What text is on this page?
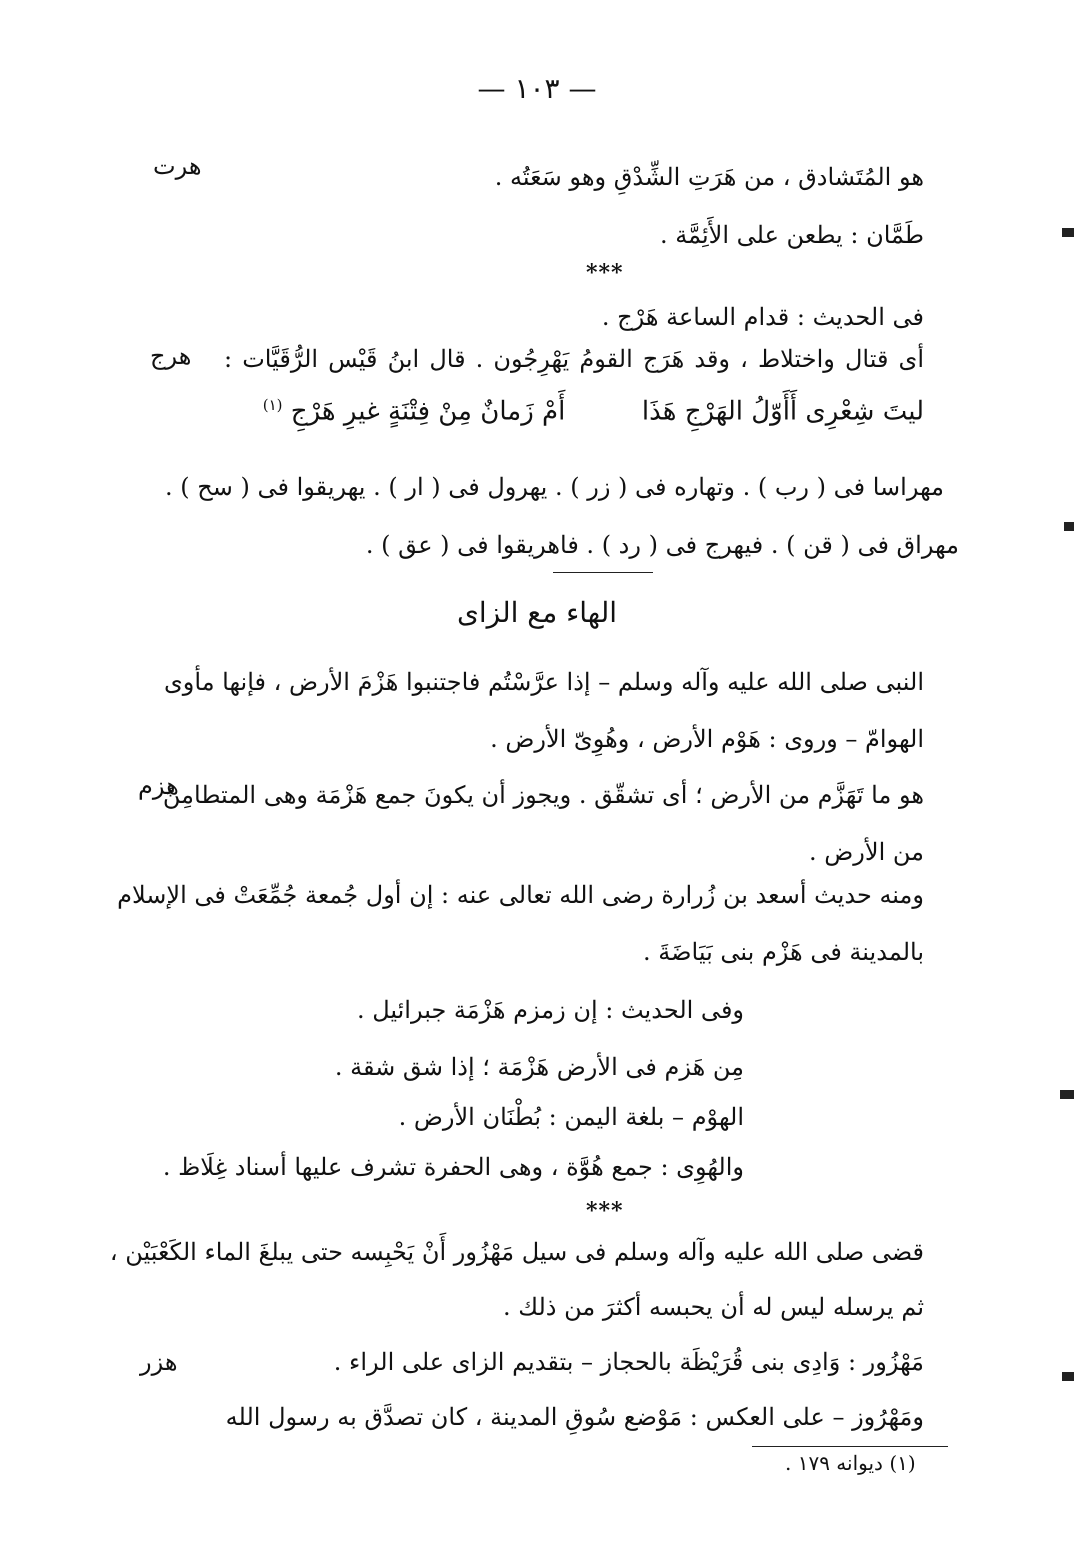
— ١٠٣ —
هرت	هو المُتَشادق ، من هَرَتِ الشِّدْقِ وهو سَعَتُه .
طَمَّان : يطعن على الأَئِمَّة .
***
فى الحديث : قدام الساعة هَرْج .
هرج أى قتال واختلاط ، وقد هَرَج القومُ يَهْرِجُون . قال ابنُ قَيْس الرُّقَيَّات :
ليتَ شِعْرِى أَأَوّلُ الهَرْجِ هَذَا  أَمْ زَمانٌ مِنْ فِتْنَةٍ غيرِ هَرْجِ $^{(١)}$
مهراسا فى ( رب ) . وتهاره فى ( زر ) . يهرول فى ( ار ) . يهريقوا فى ( سح ) .
مهراق فى ( قن ) . فيهرج فى ( رد ) . فاهريقوا فى ( عق ) .
الهاء مع الزاى
النبى صلى الله عليه وآله وسلم – إذا عرَّسْتُم فاجتنبوا هَزْمَ الأرض ، فإنها مأوى
الهوامّ – وروى : هَوْم الأرض ، وهُوِىّ الأرض .
هزم
هو ما تَهَزَّم من الأرض ؛ أى تشقّق . ويجوز أن يكونَ جمع هَزْمَة وهى المتطامِنُ
من الأرض .
ومنه حديث أسعد بن زُرارة رضى الله تعالى عنه : إن أول جُمعة جُمِّعَتْ فى الإسلام
بالمدينة فى هَزْم بنى بَيَاضَةَ .
وفى الحديث : إن زمزم هَزْمَة جبرائيل .
مِن هَزم فى الأرض هَزْمَة ؛ إذا شق شقة .
الهوْم – بلغة اليمن : بُطْنَان الأرض .
والهُوِى : جمع هُوَّة ، وهى الحفرة تشرف عليها أسناد غِلَاظ .
***
قضى صلى الله عليه وآله وسلم فى سيل مَهْزُور أَنْ يَحْبِسه حتى يبلغَ الماء الكَعْبَيْن ،
ثم يرسله ليس له أن يحبسه أكثرَ من ذلك .
هزر	مَهْزُور : وَادِى بنى قُرَيْظَة بالحجاز – بتقديم الزاى على الراء .
ومَهْرُوز – على العكس : مَوْضع سُوقِ المدينة ، كان تصدَّق به رسول الله
(١) ديوانه ١٧٩ .
